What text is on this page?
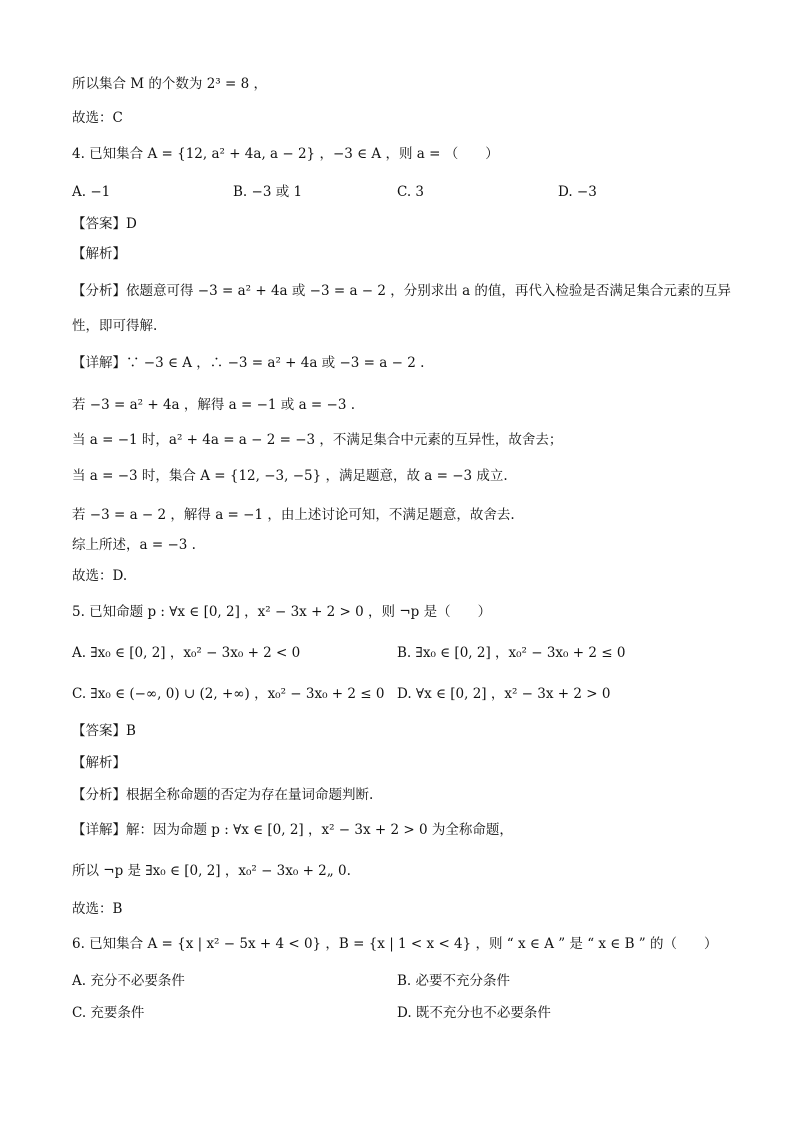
所以集合 M 的个数为 2³ = 8 ，
故选：C
4. 已知集合 A = {12, a² + 4a, a − 2} ，−3 ∈ A ，则 a = （　　）
A. −1	B. −3 或 1	C. 3	D. −3
【答案】D
【解析】
【分析】依题意可得 −3 = a² + 4a 或 −3 = a − 2 ，分别求出 a 的值，再代入检验是否满足集合元素的互异
性，即可得解.
【详解】∵ −3 ∈ A ，∴ −3 = a² + 4a 或 −3 = a − 2 .
若 −3 = a² + 4a ，解得 a = −1 或 a = −3 .
当 a = −1 时，a² + 4a = a − 2 = −3 ，不满足集合中元素的互异性，故舍去；
当 a = −3 时，集合 A = {12, −3, −5} ，满足题意，故 a = −3 成立.
若 −3 = a − 2 ，解得 a = −1 ，由上述讨论可知，不满足题意，故舍去.
综上所述，a = −3 .
故选：D.
5. 已知命题 p : ∀x ∈ [0, 2] ，x² − 3x + 2 > 0 ，则 ¬p 是（　　）
A. ∃x₀ ∈ [0, 2] ，x₀² − 3x₀ + 2 < 0	B. ∃x₀ ∈ [0, 2] ，x₀² − 3x₀ + 2 ≤ 0
C. ∃x₀ ∈ (−∞, 0) ∪ (2, +∞) ，x₀² − 3x₀ + 2 ≤ 0 D. ∀x ∈ [0, 2] ，x² − 3x + 2 > 0
【答案】B
【解析】
【分析】根据全称命题的否定为存在量词命题判断.
【详解】解：因为命题 p : ∀x ∈ [0, 2] ，x² − 3x + 2 > 0 为全称命题，
所以 ¬p 是 ∃x₀ ∈ [0, 2] ，x₀² − 3x₀ + 2„ 0.
故选：B
6. 已知集合 A = {x | x² − 5x + 4 < 0} ，B = {x | 1 < x < 4} ，则 “ x ∈ A ” 是 “ x ∈ B ” 的（　　）
A. 充分不必要条件	B. 必要不充分条件
C. 充要条件	D. 既不充分也不必要条件
